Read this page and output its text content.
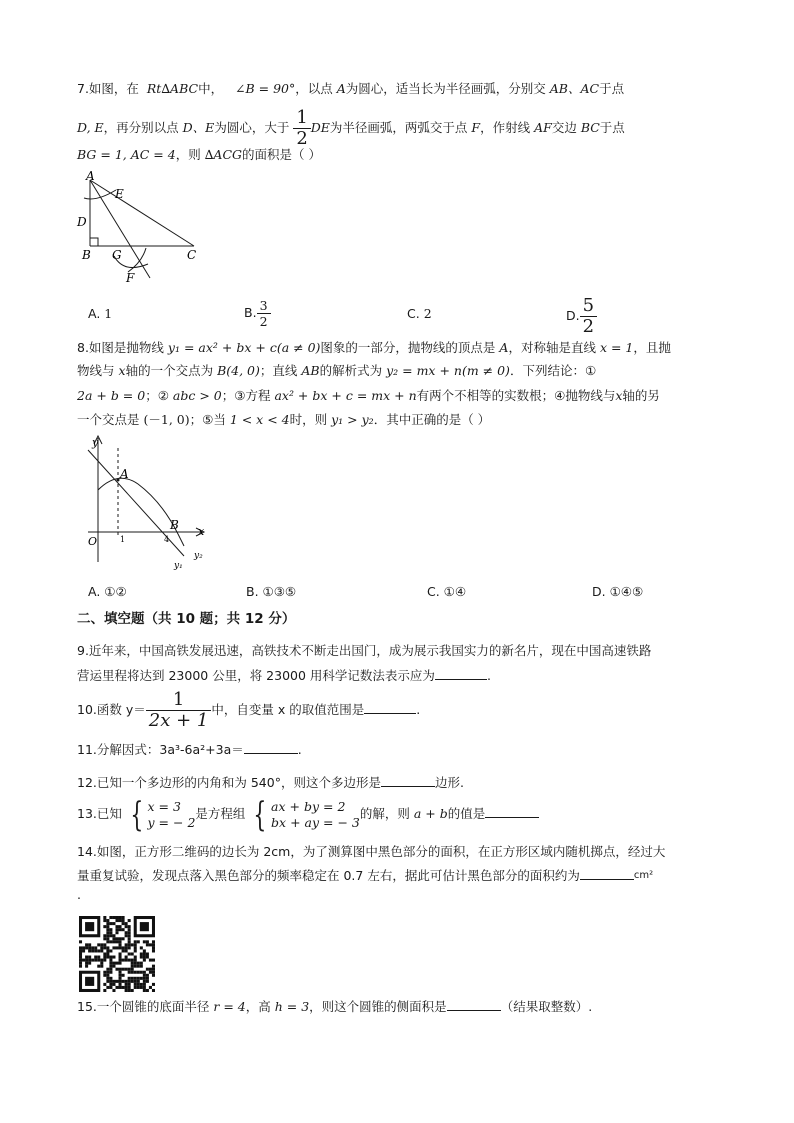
7.如图，在 Rt∆ABC中， ∠B = 90°，以点 A为圆心，适当长为半径画弧，分别交 AB、AC于点
D, E，再分别以点 D、E为圆心，大于 $\frac{1}{2}$ DE为半径画弧，两弧交于点 F，作射线 AF交边 BC于点
BG = 1, AC = 4，则 ∆ACG的面积是（ ）
A
E
D
B G	C
F
A. 1	B. $\frac{3}{2}$	C. 2	D. $\frac{5}{2}$
8.如图是抛物线 y₁ = ax² + bx + c(a ≠ 0)图象的一部分，抛物线的顶点是 A，对称轴是直线 x = 1，且抛
物线与 x轴的一个交点为 B(4, 0)；直线 AB的解析式为 y₂ = mx + n(m ≠ 0)．下列结论：①
2a + b = 0；② abc > 0；③方程 ax² + bx + c = mx + n有两个不相等的实数根；④抛物线与x轴的另
一个交点是 (－1, 0)；⑤当 1 < x < 4时，则 y₁ > y₂．其中正确的是（ ）
y
A
B x
O	1	4
y₂
y₁
A. ①②	B. ①③⑤	C. ①④	D. ①④⑤
二、填空题（共 10 题；共 12 分）
9.近年来，中国高铁发展迅速，高铁技术不断走出国门，成为展示我国实力的新名片，现在中国高速铁路
营运里程将达到 23000 公里，将 23000 用科学记数法表示应为	.
10.函数 $y= \frac{1}{2x + 1}$ 中，自变量 x 的取值范围是	.
11.分解因式：3a³-6a²+3a＝	.
12.已知一个多边形的内角和为 540°，则这个多边形是	边形.
13.已知 { x = 3
y = − 2
是方程组 { ax + by = 2
bx + ay = − 3
的解，则 a + b的值是
14.如图，正方形二维码的边长为 2cm，为了测算图中黑色部分的面积，在正方形区域内随机掷点，经过大
量重复试验，发现点落入黑色部分的频率稳定在 0.7 左右，据此可估计黑色部分的面积约为	$^{cm^2}$
.
15.一个圆锥的底面半径 r = 4，高 h = 3，则这个圆锥的侧面积是	（结果取整数）.
